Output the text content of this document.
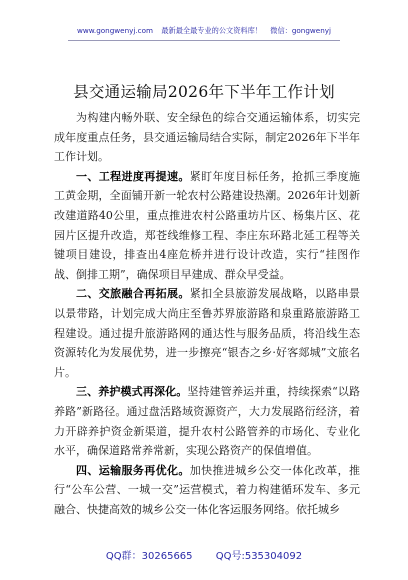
www.gongwenyj.com 最新最全最专业的公文资料库！ 微信：gongwenyj
县交通运输局2026年下半年工作计划

为构建内畅外联、安全绿色的综合交通运输体系，切实完成年度重点任务，县交通运输局结合实际，制定2026年下半年工作计划。

一、工程进度再提速。紧盯年度目标任务，抢抓三季度施工黄金期，全面铺开新一轮农村公路建设热潮。2026年计划新改建道路40公里，重点推进农村公路重坊片区、杨集片区、花园片区提升改造，郑苍线维修工程、李庄东环路北延工程等关键项目建设，排查出4座危桥并进行设计改造，实行“挂图作战、倒排工期”，确保项目早建成、群众早受益。

二、交旅融合再拓展。紧扣全县旅游发展战略，以路串景以景带路，计划完成大尚庄至鲁苏界旅游路和泉重路旅游路工程建设。通过提升旅游路网的通达性与服务品质，将沿线生态资源转化为发展优势，进一步擦亮“银杏之乡·好客郯城”文旅名片。

三、养护模式再深化。坚持建管养运并重，持续探索“以路养路”新路径。通过盘活路域资源资产，大力发展路衍经济，着力开辟养护资金新渠道，提升农村公路管养的市场化、专业化水平，确保道路常养常新，实现公路资产的保值增值。

四、运输服务再优化。加快推进城乡公交一体化改革，推行“公车公营、一城一交”运营模式，着力构建循环发车、多元融合、快捷高效的城乡公交一体化客运服务网络。依托城乡

QQ群：30265665 QQ号:535304092
